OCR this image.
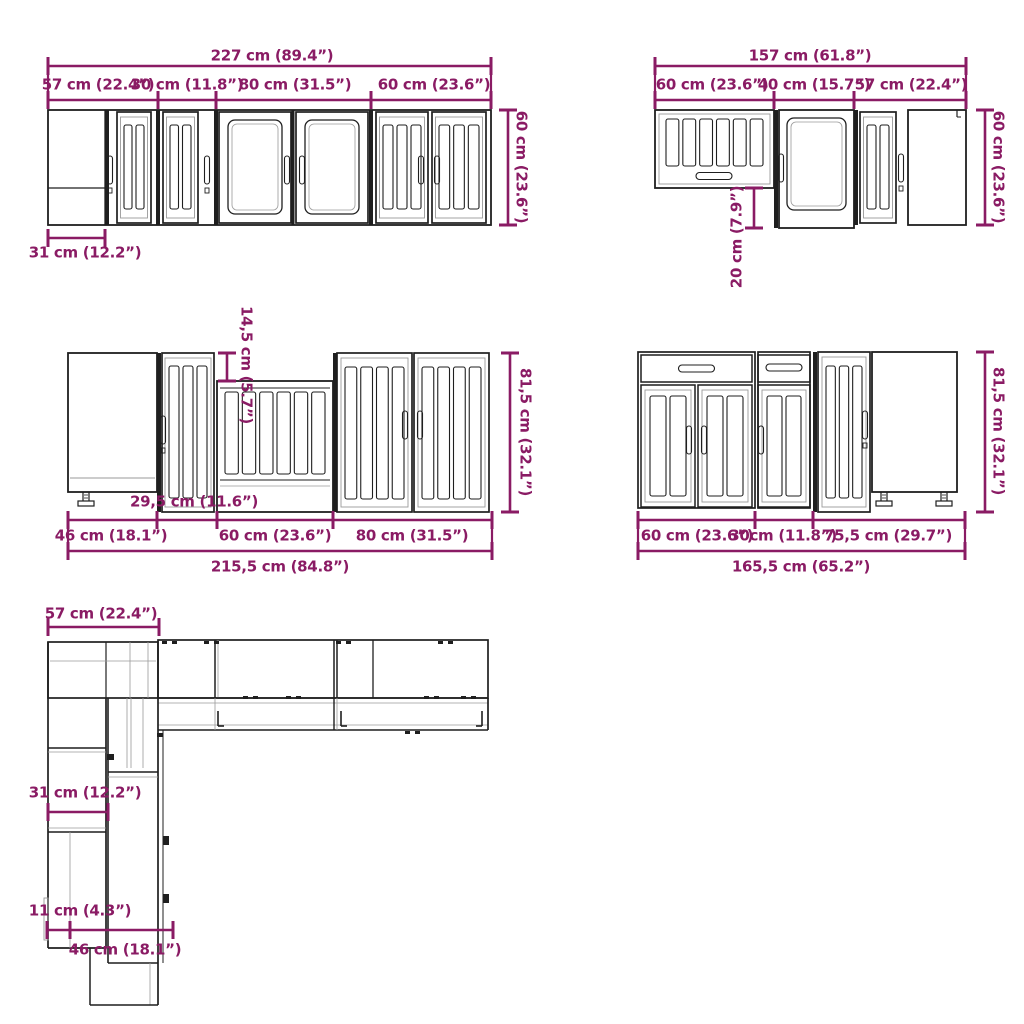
227 cm (89.4”)
57 cm (22.4”)
30 cm (11.8”)
80 cm (31.5”) 60 cm (23.6”)
60 cm (23.6”)
31 cm (12.2”)
157 cm (61.8”)
60 cm (23.6”)
40 cm (15.7”)
57 cm (22.4”)
60 cm (23.6”)
20 cm (7.9”)
14,5 cm (5.7”)
81,5 cm (32.1”)
29,5 cm (11.6”)
46 cm (18.1”)	60 cm (23.6”) 80 cm (31.5”)
215,5 cm (84.8”)
81,5 cm (32.1”)
60 cm (23.6”)
30cm (11.8”)
75,5 cm (29.7”)
165,5 cm (65.2”)
57 cm (22.4”)
31 cm (12.2”)
11 cm (4.3”)
46 cm (18.1”)
